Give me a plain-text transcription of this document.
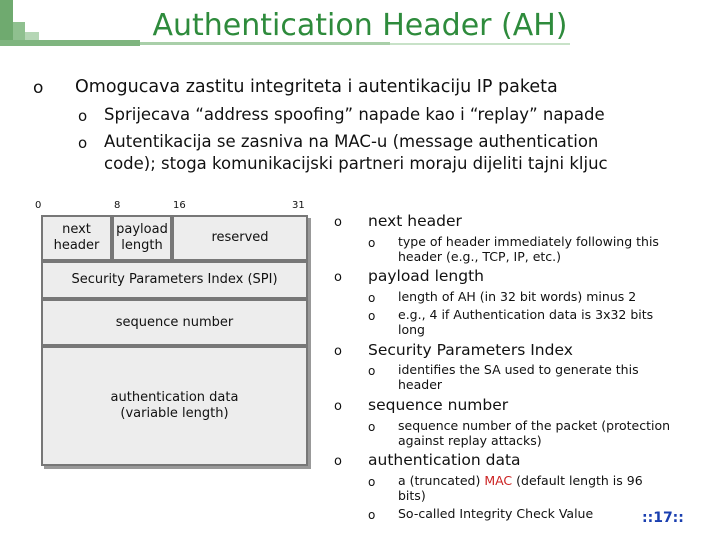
Authentication Header (AH)
o Omogucava zastitu integriteta i autentikaciju IP paketa
o Sprijecava “address spoofing” napade kao i “replay” napade
o Autentikacija se zasniva na MAC-u (message authentication
code); stoga komunikacijski partneri moraju dijeliti tajni kljuc
0	8	16	31
next
header
payload
length
reserved
Security Parameters Index (SPI)
sequence number
authentication data
(variable length)
o next header
o type of header immediately following this
header (e.g., TCP, IP, etc.)
o payload length
o length of AH (in 32 bit words) minus 2
o e.g., 4 if Authentication data is 3x32 bits
long
o Security Parameters Index
o identifies the SA used to generate this
header
o sequence number
o sequence number of the packet (protection
against replay attacks)
o authentication data
o a (truncated) MAC (default length is 96
bits)
o So-called Integrity Check Value	::17::
